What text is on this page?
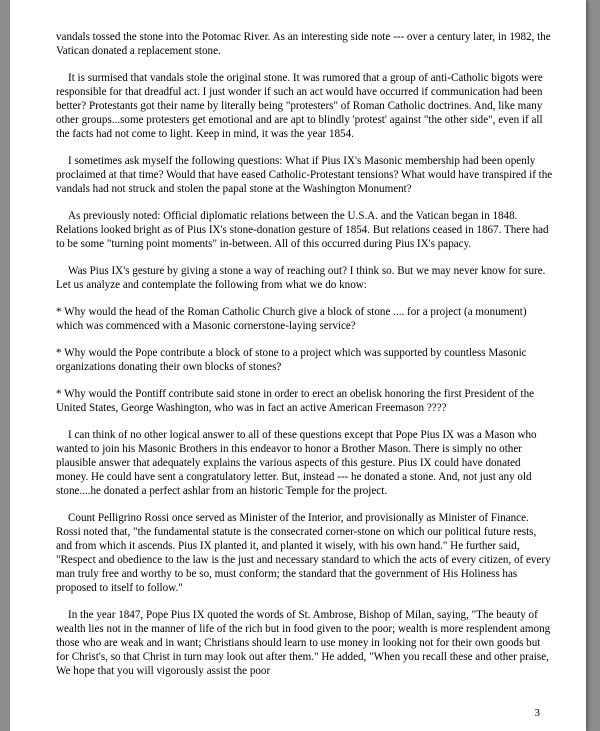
vandals tossed the stone into the Potomac River. As an interesting side note --- over a century later, in 1982, the Vatican donated a replacement stone.

It is surmised that vandals stole the original stone. It was rumored that a group of anti-Catholic bigots were responsible for that dreadful act. I just wonder if such an act would have occurred if communication had been better? Protestants got their name by literally being "protesters" of Roman Catholic doctrines. And, like many other groups...some protesters get emotional and are apt to blindly 'protest' against "the other side", even if all the facts had not come to light. Keep in mind, it was the year 1854.

I sometimes ask myself the following questions: What if Pius IX's Masonic membership had been openly proclaimed at that time? Would that have eased Catholic-Protestant tensions? What would have transpired if the vandals had not struck and stolen the papal stone at the Washington Monument?

As previously noted: Official diplomatic relations between the U.S.A. and the Vatican began in 1848. Relations looked bright as of Pius IX's stone-donation gesture of 1854. But relations ceased in 1867. There had to be some "turning point moments" in-between. All of this occurred during Pius IX's papacy.

Was Pius IX's gesture by giving a stone a way of reaching out? I think so. But we may never know for sure. Let us analyze and contemplate the following from what we do know:

* Why would the head of the Roman Catholic Church give a block of stone .... for a project (a monument) which was commenced with a Masonic cornerstone-laying service?

* Why would the Pope contribute a block of stone to a project which was supported by countless Masonic organizations donating their own blocks of stones?

* Why would the Pontiff contribute said stone in order to erect an obelisk honoring the first President of the United States, George Washington, who was in fact an active American Freemason ????

I can think of no other logical answer to all of these questions except that Pope Pius IX was a Mason who wanted to join his Masonic Brothers in this endeavor to honor a Brother Mason. There is simply no other plausible answer that adequately explains the various aspects of this gesture. Pius IX could have donated money. He could have sent a congratulatory letter. But, instead --- he donated a stone. And, not just any old stone....he donated a perfect ashlar from an historic Temple for the project.

Count Pelligrino Rossi once served as Minister of the Interior, and provisionally as Minister of Finance. Rossi noted that, "the fundamental statute is the consecrated corner-stone on which our political future rests, and from which it ascends. Pius IX planted it, and planted it wisely, with his own hand." He further said, "Respect and obedience to the law is the just and necessary standard to which the acts of every citizen, of every man truly free and worthy to be so, must conform; the standard that the government of His Holiness has proposed to itself to follow."

In the year 1847, Pope Pius IX quoted the words of St. Ambrose, Bishop of Milan, saying, "The beauty of wealth lies not in the manner of life of the rich but in food given to the poor; wealth is more resplendent among those who are weak and in want; Christians should learn to use money in looking not for their own goods but for Christ's, so that Christ in turn may look out after them." He added, "When you recall these and other praise, We hope that you will vigorously assist the poor

3
